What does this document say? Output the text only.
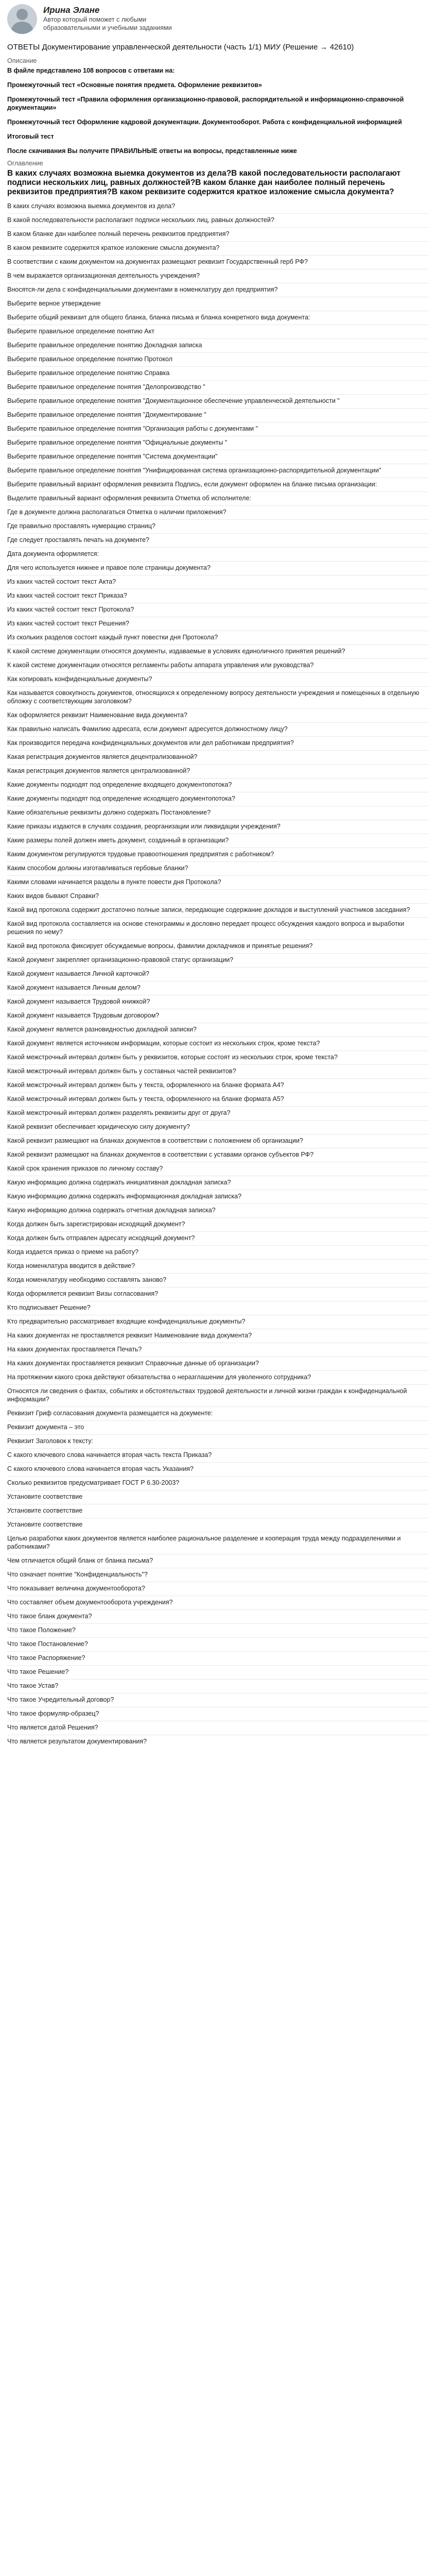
Ирина Элане
Автор который поможет с любыми образовательными и учебными заданиями
ОТВЕТЫ Документирование управленческой деятельности (часть 1/1) МИУ (Решение → 42610)
Описание
В файле представлено 108 вопросов с ответами на:
Промежуточный тест «Основные понятия предмета. Оформление реквизитов»
Промежуточный тест «Правила оформления организационно-правовой, распорядительной и информационно-справочной документации»
Промежуточный тест Оформление кадровой документации. Документооборот. Работа с конфиденциальной информацией
Итоговый тест
После скачивания Вы получите ПРАВИЛЬНЫЕ ответы на вопросы, представленные ниже
Оглавление
В каких случаях возможна выемка документов из дела?В какой последовательности располагают подписи нескольких лиц, равных должностей?В каком бланке дан наиболее полный перечень реквизитов предприятия?В каком реквизите содержится краткое изложение смысла документа?
В каких случаях возможна выемка документов из дела?
В какой последовательности располагают подписи нескольких лиц, равных должностей?
В каком бланке дан наиболее полный перечень реквизитов предприятия?
В каком реквизите содержится краткое изложение смысла документа?
В соответствии с каким документом на документах размещают реквизит Государственный герб РФ?
В чем выражается организационная деятельность учреждения?
Вносятся-ли дела с конфиденциальными документами в номенклатуру дел предприятия?
Выберите верное утверждение
Выберите общий реквизит для общего бланка, бланка письма и бланка конкретного вида документа:
Выберите правильное определение понятию Акт
Выберите правильное определение понятию Докладная записка
Выберите правильное определение понятию Протокол
Выберите правильное определение понятию Справка
Выберите правильное определение понятия "Делопроизводство "
Выберите правильное определение понятия "Документационное обеспечение управленческой деятельности "
Выберите правильное определение понятия "Документирование "
Выберите правильное определение понятия "Организация работы с документами "
Выберите правильное определение понятия "Официальные документы "
Выберите правильное определение понятия "Система документации"
Выберите правильное определение понятия "Унифицированная система организационно-распорядительной документации"
Выберите правильный вариант оформления реквизита Подпись, если документ оформлен на бланке письма организации:
Выделите правильный вариант оформления реквизита Отметка об исполнителе:
Где в документе должна располагаться Отметка о наличии приложения?
Где правильно проставлять нумерацию страниц?
Где следует проставлять печать на документе?
Дата документа оформляется:
Для чего используется нижнее и правое поле страницы документа?
Из каких частей состоит текст Акта?
Из каких частей состоит текст Приказа?
Из каких частей состоит текст Протокола?
Из каких частей состоит текст Решения?
Из скольких разделов состоит каждый пункт повестки дня Протокола?
К какой системе документации относятся документы, издаваемые в условиях единоличного принятия решений?
К какой системе документации относятся регламенты работы аппарата управления или руководства?
Как копировать конфиденциальные документы?
Как называется совокупность документов, относящихся к определенному вопросу деятельности учреждения и помещенных в отдельную обложку с соответствующим заголовком?
Как оформляется реквизит Наименование вида документа?
Как правильно написать Фамилию адресата, если документ адресуется должностному лицу?
Как производится передача конфиденциальных документов или дел работникам предприятия?
Какая регистрация документов является децентрализованной?
Какая регистрация документов является централизованной?
Какие документы подходят под определение входящего документопотока?
Какие документы подходят под определение исходящего документопотока?
Какие обязательные реквизиты должно содержать Постановление?
Какие приказы издаются в случаях создания, реорганизации или ликвидации учреждения?
Какие размеры полей должен иметь документ, созданный в организации?
Каким документом регулируются трудовые правоотношения предприятия с работником?
Каким способом должны изготавливаться гербовые бланки?
Какими словами начинается разделы в пункте повести дня Протокола?
Каких видов бывают Справки?
Какой вид протокола содержит достаточно полные записи, передающие содержание докладов и выступлений участников заседания?
Какой вид протокола составляется на основе стенограммы и дословно передает процесс обсуждения каждого вопроса и выработки решения по нему?
Какой вид протокола фиксирует обсуждаемые вопросы, фамилии докладчиков и принятые решения?
Какой документ закрепляет организационно-правовой статус организации?
Какой документ называется Личной карточкой?
Какой документ называется Личным делом?
Какой документ называется Трудовой книжкой?
Какой документ называется Трудовым договором?
Какой документ является разновидностью докладной записки?
Какой документ является источником информации, которые состоит из нескольких строк, кроме текста?
Какой межстрочный интервал должен быть у реквизитов, которые состоят из нескольких строк, кроме текста?
Какой межстрочный интервал должен быть у составных частей реквизитов?
Какой межстрочный интервал должен быть у текста, оформленного на бланке формата А4?
Какой межстрочный интервал должен быть у текста, оформленного на бланке формата А5?
Какой межстрочный интервал должен разделять реквизиты друг от друга?
Какой реквизит обеспечивает юридическую силу документу?
Какой реквизит размещают на бланках документов в соответствии с положением об организации?
Какой реквизит размещают на бланках документов в соответствии с уставами органов субъектов РФ?
Какой срок хранения приказов по личному составу?
Какую информацию должна содержать инициативная докладная записка?
Какую информацию должна содержать информационная докладная записка?
Какую информацию должна содержать отчетная докладная записка?
Когда должен быть зарегистрирован исходящий документ?
Когда должен быть отправлен адресату исходящий документ?
Когда издается приказ о приеме на работу?
Когда номенклатура вводится в действие?
Когда номенклатуру необходимо составлять заново?
Когда оформляется реквизит Визы согласования?
Кто подписывает Решение?
Кто предварительно рассматривает входящие конфиденциальные документы?
На каких документах не проставляется реквизит Наименование вида документа?
На каких документах проставляется Печать?
На каких документах проставляется реквизит Справочные данные об организации?
На протяжении какого срока действуют обязательства о неразглашении для уволенного сотрудника?
Относятся ли сведения о фактах, событиях и обстоятельствах трудовой деятельности и личной жизни граждан к конфиденциальной информации?
Реквизит Гриф согласования документа размещается на документе:
Реквизит документа – это
Реквизит Заголовок к тексту:
С какого ключевого слова начинается вторая часть текста Приказа?
С какого ключевого слова начинается вторая часть Указания?
Сколько реквизитов предусматривает ГОСТ Р 6.30-2003?
Установите соответствие
Установите соответствие
Установите соответствие
Целью разработки каких документов является наиболее рациональное разделение и кооперация труда между подразделениями и работниками?
Чем отличается общий бланк от бланка письма?
Что означает понятие "Конфиденциальность"?
Что показывает величина документооборота?
Что составляет объем документооборота учреждения?
Что такое бланк документа?
Что такое Положение?
Что такое Постановление?
Что такое Распоряжение?
Что такое Решение?
Что такое Устав?
Что такое Учредительный договор?
Что такое формуляр-образец?
Что является датой Решения?
Что является результатом документирования?
